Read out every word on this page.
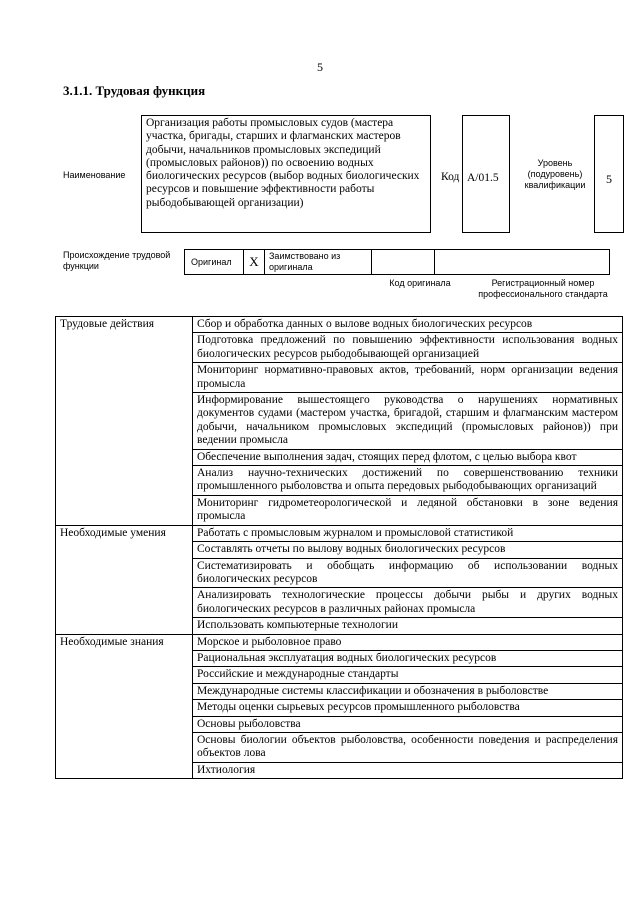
5
3.1.1. Трудовая функция
Наименование
Организация работы промысловых судов (мастера участка, бригады, старших и флагманских мастеров добычи, начальников промысловых экспедиций (промысловых районов)) по освоению водных биологических ресурсов (выбор водных биологических ресурсов и повышение эффективности работы рыбодобывающей организации)
Код A/01.5
Уровень (подуровень) квалификации	5
Происхождение трудовой функции	Оригинал	X	Заимствовано из оригинала
Код оригинала	Регистрационный номер профессионального стандарта
Трудовые действия	Сбор и обработка данных о вылове водных биологических ресурсов
	Подготовка предложений по повышению эффективности использования водных биологических ресурсов рыбодобывающей организацией
	Мониторинг нормативно-правовых актов, требований, норм организации ведения промысла
	Информирование вышестоящего руководства о нарушениях нормативных документов судами (мастером участка, бригадой, старшим и флагманским мастером добычи, начальником промысловых экспедиций (промысловых районов)) при ведении промысла
	Обеспечение выполнения задач, стоящих перед флотом, с целью выбора квот
	Анализ научно-технических достижений по совершенствованию техники промышленного рыболовства и опыта передовых рыбодобывающих организаций
	Мониторинг гидрометеорологической и ледяной обстановки в зоне ведения промысла
Необходимые умения	Работать с промысловым журналом и промысловой статистикой
	Составлять отчеты по вылову водных биологических ресурсов
	Систематизировать и обобщать информацию об использовании водных биологических ресурсов
	Анализировать технологические процессы добычи рыбы и других водных биологических ресурсов в различных районах промысла
	Использовать компьютерные технологии
Необходимые знания	Морское и рыболовное право
	Рациональная эксплуатация водных биологических ресурсов
	Российские и международные стандарты
	Международные системы классификации и обозначения в рыболовстве
	Методы оценки сырьевых ресурсов промышленного рыболовства
	Основы рыболовства
	Основы биологии объектов рыболовства, особенности поведения и распределения объектов лова
	Ихтиология
